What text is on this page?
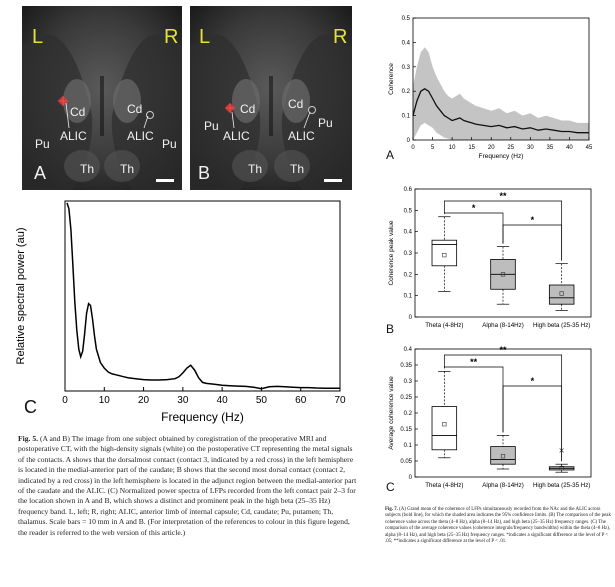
L	R
Cd
ALIC
Pu
Cd
ALIC
Pu
Th Th
A
L	R
Cd
ALIC
Pu
Cd
ALIC
Pu
Th Th
B
0	10	20	30	40	50	60	70
Frequency (Hz)
Relative spectral power (au)
C
Fig. 5. (A and B) The image from one subject obtained by coregistration of the preoperative MRI and postoperative CT, with the high-density signals (white) on the postoperative CT representing the metal signals of the contacts. A shows that the dorsalmost contact (contact 3, indicated by a red cross) in the left hemisphere is located in the medial-anterior part of the caudate; B shows that the second most dorsal contact (contact 2, indicated by a red cross) in the left hemisphere is located in the adjunct region between the medial-anterior part of the caudate and the ALIC. (C) Normalized power spectra of LFPs recorded from the left contact pair 2–3 for the location shown in A and B, which shows a distinct and prominent peak in the high beta (25–35 Hz) frequency band. L, left; R, right; ALIC, anterior limb of internal capsule; Cd, caudate; Pu, putamen; Th, thalamus. Scale bars = 10 mm in A and B. (For interpretation of the references to colour in this figure legend, the reader is referred to the web version of this article.)
0	5 10 15 20 25 30 35 40 45
0
0.1
0.2
0.3
0.4
0.5
Frequency (Hz)
Coherence
A
0
0.1
0.2
0.3
0.4
0.5
0.6
Theta (4-8Hz)	Alpha (8-14Hz) High beta (25-35 Hz)
Coherence peak value
**
*
*
B
0
0.05
0.1
0.15
0.2
0.25
0.3
0.35
0.4
Theta (4-8Hz)	Alpha (8-14Hz) High beta (25-35 Hz)
Average coherence value
**
**
*
C
Fig. 7. (A) Grand mean of the coherence of LFPs simultaneously recorded from the NAc and the ALIC across subjects (bold line), for which the shaded area indicates the 95% confidence limits. (B) The comparison of the peak coherence value across the theta (4–8 Hz), alpha (8–14 Hz), and high beta (25–35 Hz) frequency ranges. (C) The comparison of the average coherence values (coherence integrals/frequency bandwidths) within the theta (4–8 Hz), alpha (8–14 Hz), and high beta (25–35 Hz) frequency ranges. *indicates a significant difference at the level of P < .05; **indicates a significant difference at the level of P < .01.
